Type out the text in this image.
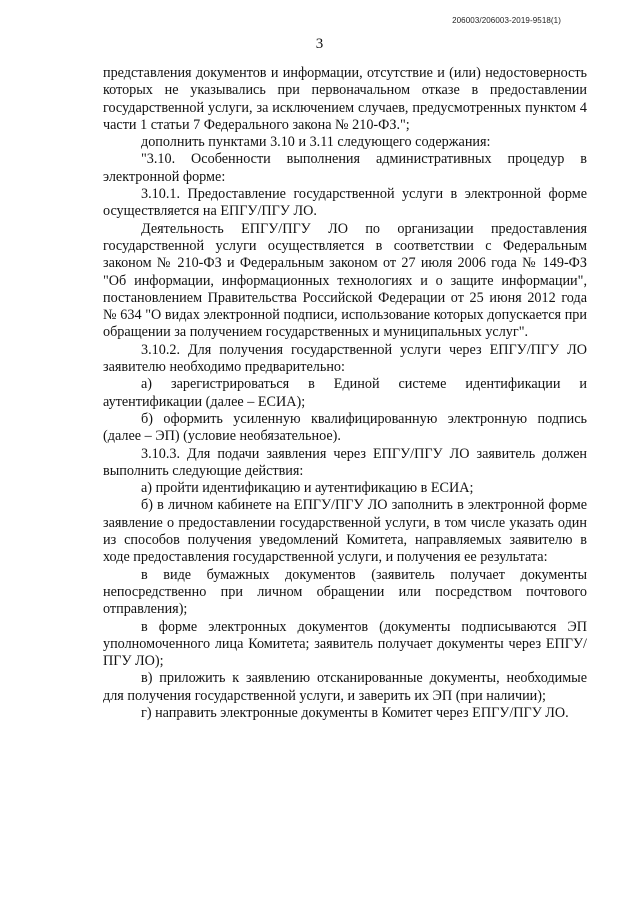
206003/206003-2019-9518(1)
3

представления документов и информации, отсутствие и (или) недостоверность которых не указывались при первоначальном отказе в предоставлении государственной услуги, за исключением случаев, предусмотренных пунктом 4 части 1 статьи 7 Федерального закона № 210-ФЗ.";

дополнить пунктами 3.10 и 3.11 следующего содержания:

"3.10. Особенности выполнения административных процедур в электронной форме:

3.10.1. Предоставление государственной услуги в электронной форме осуществляется на ЕПГУ/ПГУ ЛО.

Деятельность ЕПГУ/ПГУ ЛО по организации предоставления государственной услуги осуществляется в соответствии с Федеральным законом № 210-ФЗ и Федеральным законом от 27 июля 2006 года № 149-ФЗ "Об информации, информационных технологиях и о защите информации", постановлением Правительства Российской Федерации от 25 июня 2012 года № 634 "О видах электронной подписи, использование которых допускается при обращении за получением государственных и муниципальных услуг".

3.10.2. Для получения государственной услуги через ЕПГУ/ПГУ ЛО заявителю необходимо предварительно:

а) зарегистрироваться в Единой системе идентификации и аутентификации (далее – ЕСИА);

б) оформить усиленную квалифицированную электронную подпись (далее – ЭП) (условие необязательное).

3.10.3. Для подачи заявления через ЕПГУ/ПГУ ЛО заявитель должен выполнить следующие действия:

а) пройти идентификацию и аутентификацию в ЕСИА;

б) в личном кабинете на ЕПГУ/ПГУ ЛО заполнить в электронной форме заявление о предоставлении государственной услуги, в том числе указать один из способов получения уведомлений Комитета, направляемых заявителю в ходе предоставления государственной услуги, и получения ее результата:

в виде бумажных документов (заявитель получает документы непосредственно при личном обращении или посредством почтового отправления);

в форме электронных документов (документы подписываются ЭП уполномоченного лица Комитета; заявитель получает документы через ЕПГУ/ПГУ ЛО);

в) приложить к заявлению отсканированные документы, необходимые для получения государственной услуги, и заверить их ЭП (при наличии);

г) направить электронные документы в Комитет через ЕПГУ/ПГУ ЛО.
